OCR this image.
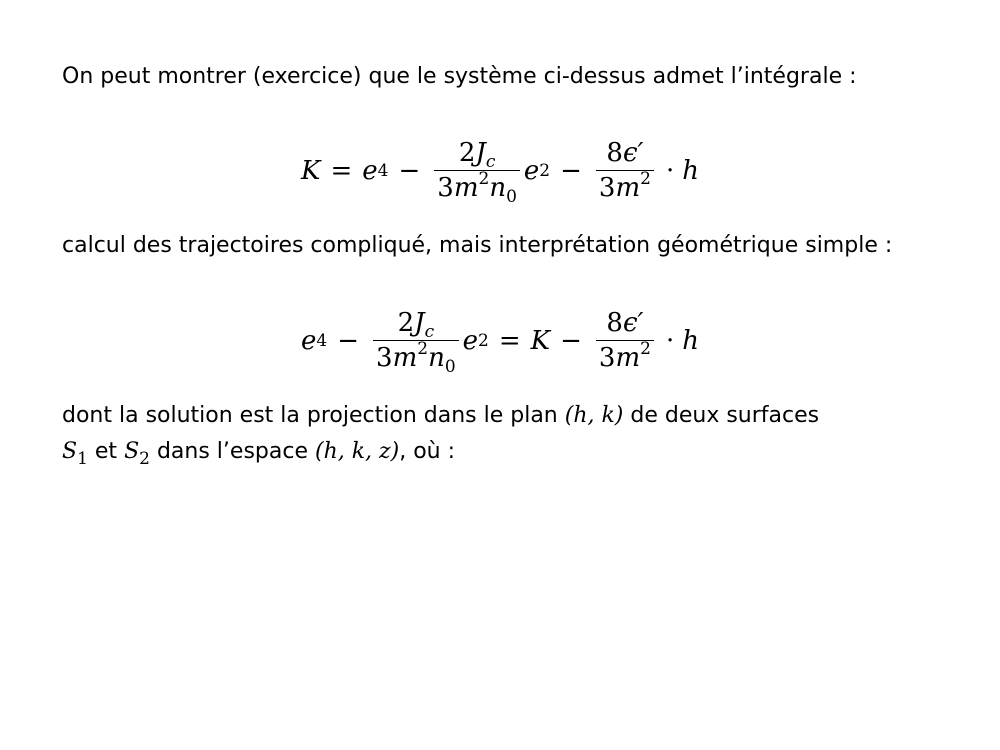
On peut montrer (exercice) que le système ci-dessus admet l’intégrale :
K = e $4 - \frac{2J_c}{3m^2n_0}$ e $2 - \frac{8\epsilon'}{3m^2} \cdot h$
calcul des trajectoires compliqué, mais interprétation géométrique simple :
e $4 - \frac{2J_c}{3m^2n_0}$ e $2 = K - \frac{8\epsilon'}{3m^2} \cdot h$
dont la solution est la projection dans le plan (h, k) de deux surfaces
$S_1$ et $S_2$ dans l’espace (h, k, z), où :
